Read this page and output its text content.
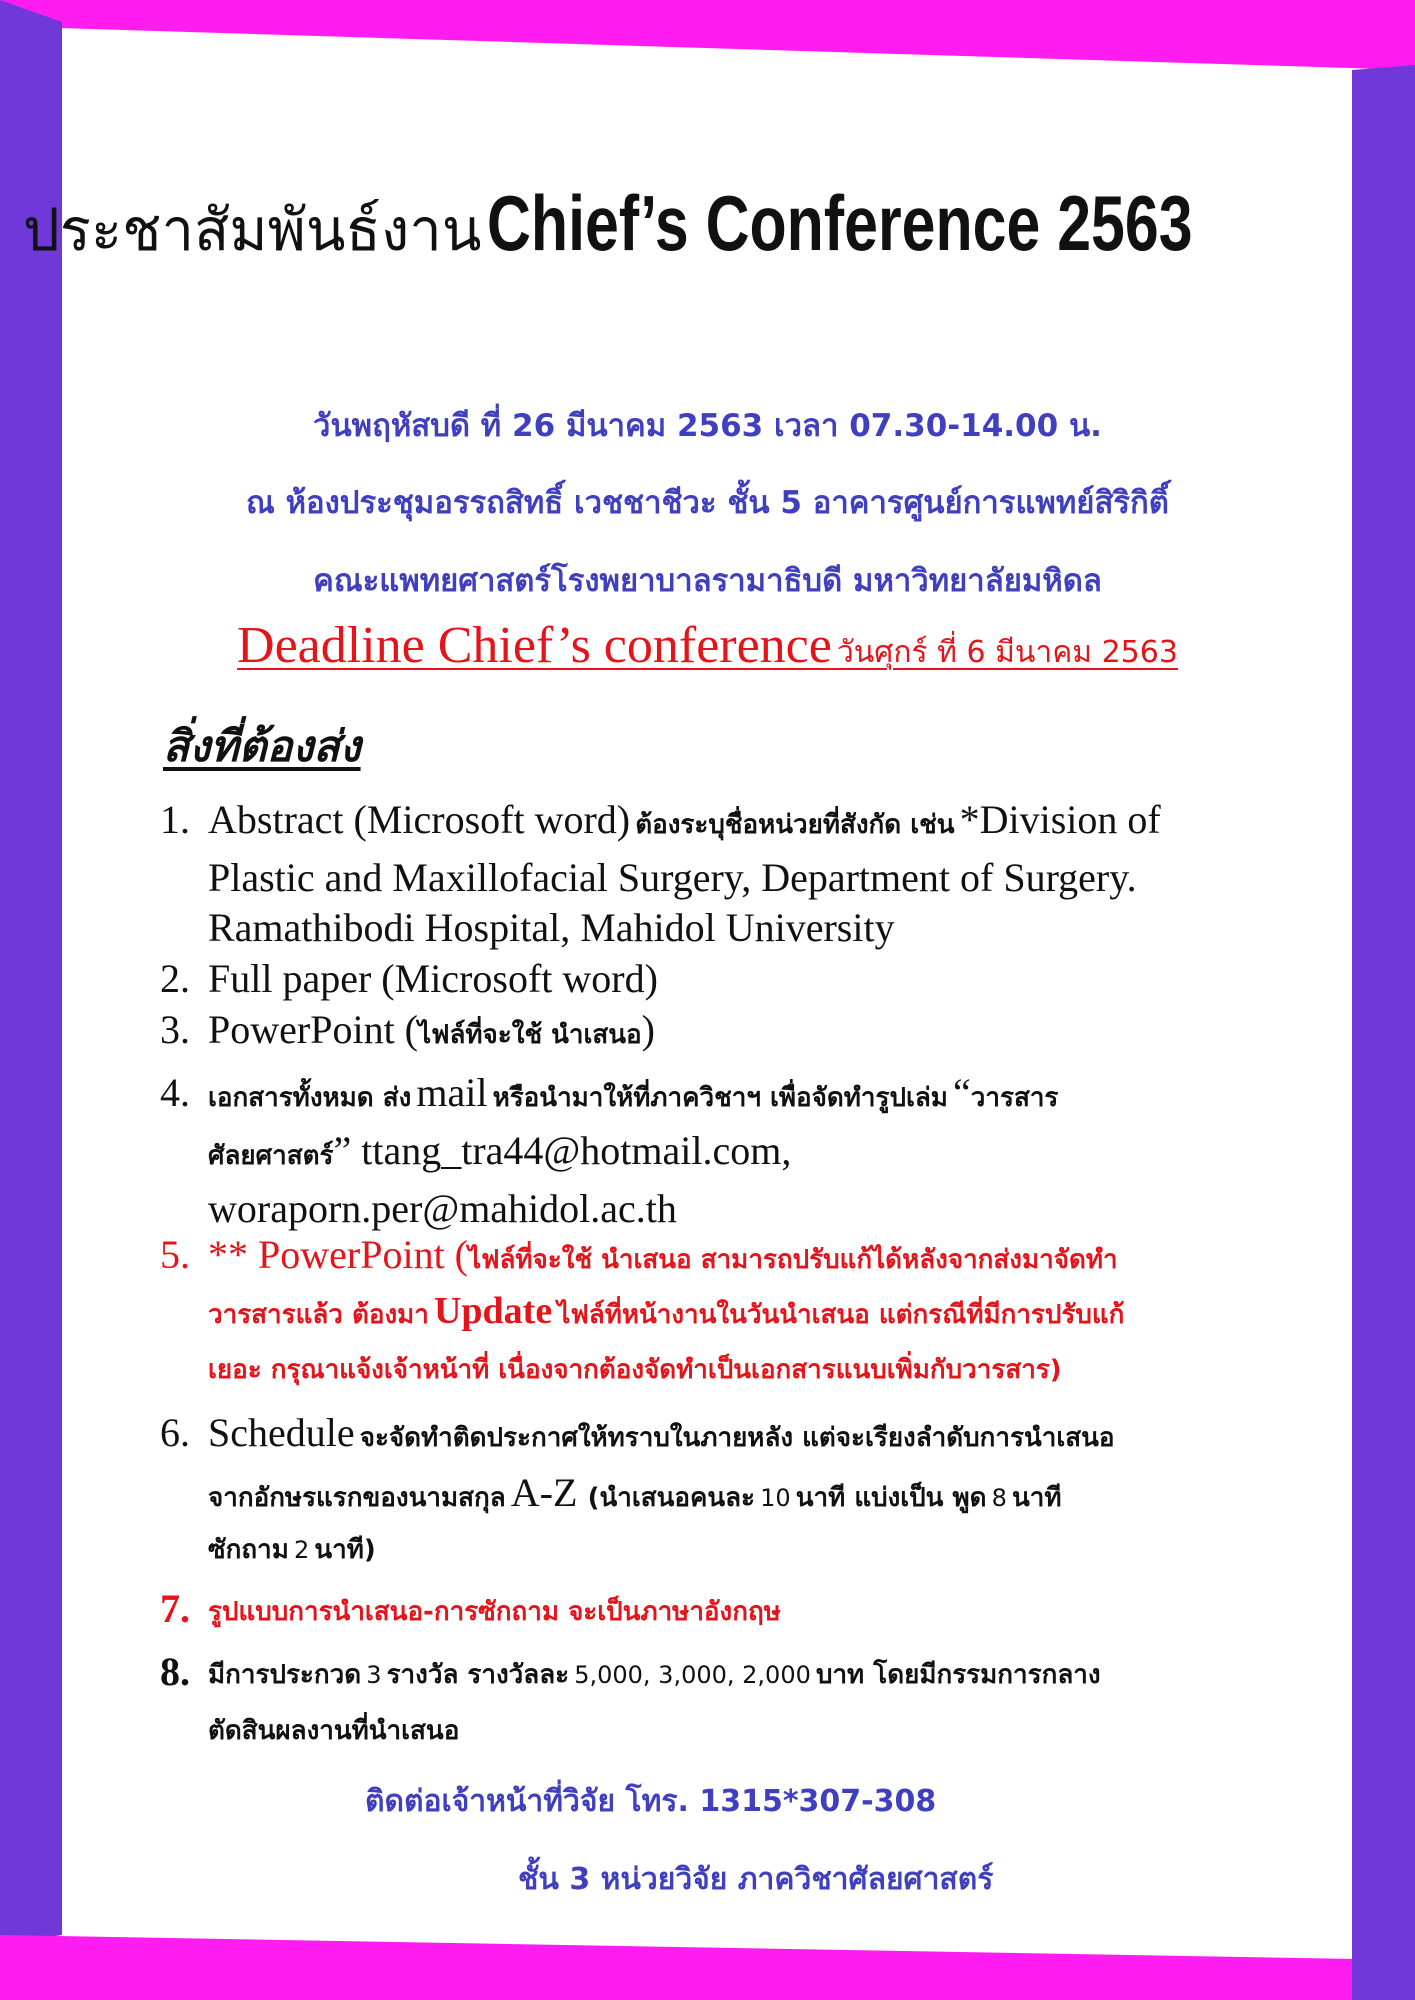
ประชาสัมพันธ์งานChief’s Conference 2563
วันพฤหัสบดี ที่ 26 มีนาคม 2563 เวลา 07.30-14.00 น.
ณ ห้องประชุมอรรถสิทธิ์ เวชชาชีวะ ชั้น 5 อาคารศูนย์การแพทย์สิริกิติ์
คณะแพทยศาสตร์โรงพยาบาลรามาธิบดี มหาวิทยาลัยมหิดล
Deadline Chief’s conference วันศุกร์ ที่ 6 มีนาคม 2563
สิ่งที่ต้องส่ง
1. Abstract (Microsoft word) ต้องระบุชื่อหน่วยที่สังกัด เช่น *Division of
Plastic and Maxillofacial Surgery, Department of Surgery.
Ramathibodi Hospital, Mahidol University
2. Full paper (Microsoft word)
3. PowerPoint (ไฟล์ที่จะใช้ นำเสนอ)
4. เอกสารทั้งหมด ส่ง mail หรือนำมาให้ที่ภาควิชาฯ เพื่อจัดทำรูปเล่ม “วารสาร
ศัลยศาสตร์” ttang_tra44@hotmail.com,
woraporn.per@mahidol.ac.th
5. ** PowerPoint (ไฟล์ที่จะใช้ นำเสนอ สามารถปรับแก้ได้หลังจากส่งมาจัดทำ
วารสารแล้ว ต้องมา Update ไฟล์ที่หน้างานในวันนำเสนอ แต่กรณีที่มีการปรับแก้
เยอะ กรุณาแจ้งเจ้าหน้าที่ เนื่องจากต้องจัดทำเป็นเอกสารแนบเพิ่มกับวารสาร)
6. Schedule จะจัดทำติดประกาศให้ทราบในภายหลัง แต่จะเรียงลำดับการนำเสนอ
จากอักษรแรกของนามสกุล A-Z (นำเสนอคนละ 10 นาที แบ่งเป็น พูด 8 นาที
ซักถาม 2 นาที)
7. รูปแบบการนำเสนอ-การซักถาม จะเป็นภาษาอังกฤษ
8. มีการประกวด 3 รางวัล รางวัลละ 5,000, 3,000, 2,000 บาท โดยมีกรรมการกลาง
ตัดสินผลงานที่นำเสนอ
ติดต่อเจ้าหน้าที่วิจัย โทร. 1315*307-308
ชั้น 3 หน่วยวิจัย ภาควิชาศัลยศาสตร์
